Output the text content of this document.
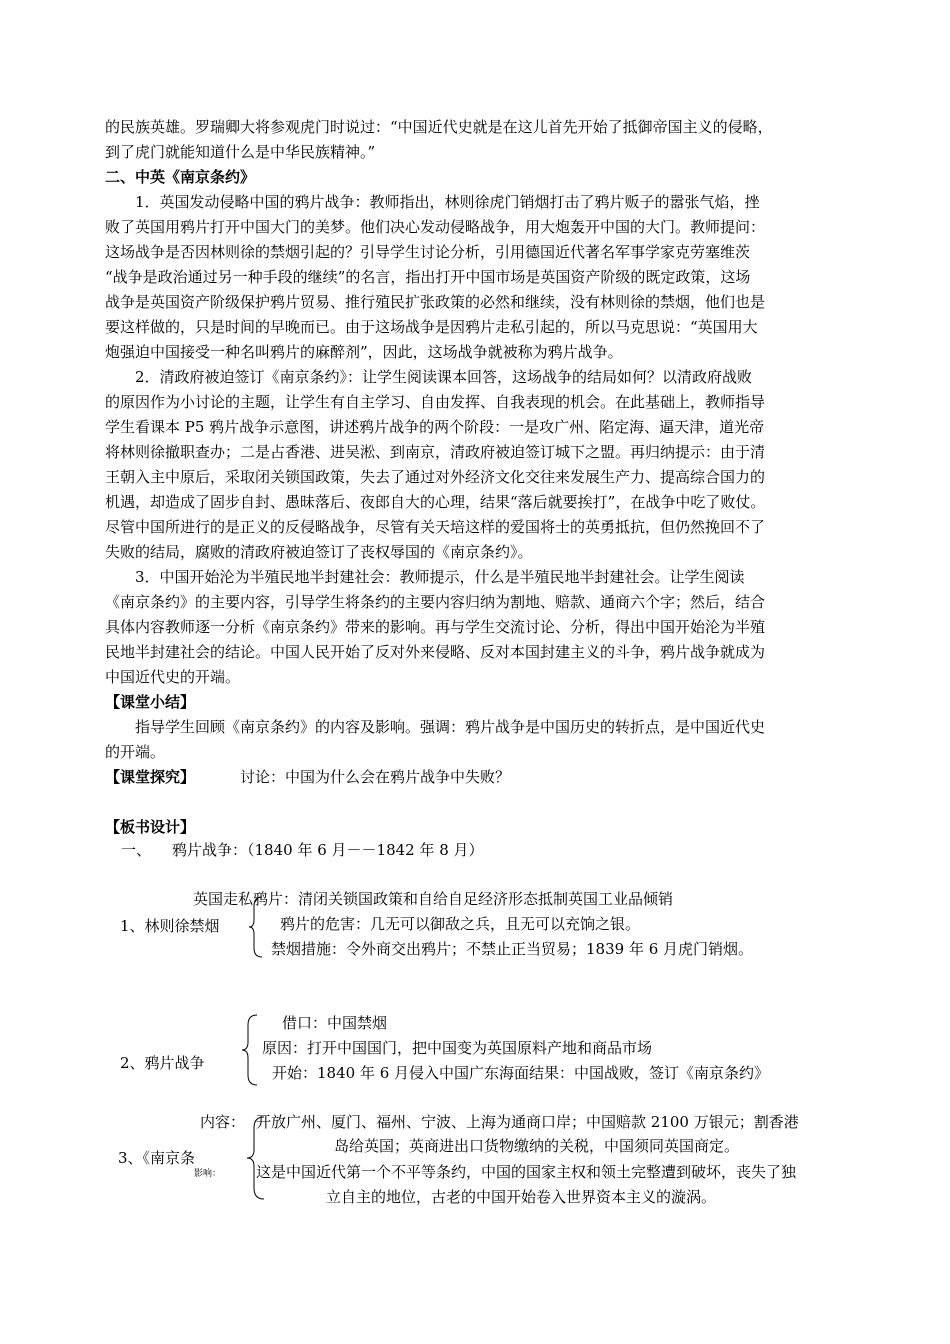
的民族英雄。罗瑞卿大将参观虎门时说过：“中国近代史就是在这儿首先开始了抵御帝国主义的侵略，
到了虎门就能知道什么是中华民族精神。”
二、中英《南京条约》
1．英国发动侵略中国的鸦片战争：教师指出，林则徐虎门销烟打击了鸦片贩子的嚣张气焰，挫
败了英国用鸦片打开中国大门的美梦。他们决心发动侵略战争，用大炮轰开中国的大门。教师提问：
这场战争是否因林则徐的禁烟引起的？引导学生讨论分析，引用德国近代著名军事学家克劳塞维茨
“战争是政治通过另一种手段的继续”的名言，指出打开中国市场是英国资产阶级的既定政策，这场
战争是英国资产阶级保护鸦片贸易、推行殖民扩张政策的必然和继续，没有林则徐的禁烟，他们也是
要这样做的，只是时间的早晚而已。由于这场战争是因鸦片走私引起的，所以马克思说：“英国用大
炮强迫中国接受一种名叫鸦片的麻醉剂”，因此，这场战争就被称为鸦片战争。
2．清政府被迫签订《南京条约》：让学生阅读课本回答，这场战争的结局如何？以清政府战败
的原因作为小讨论的主题，让学生有自主学习、自由发挥、自我表现的机会。在此基础上，教师指导
学生看课本 P5 鸦片战争示意图，讲述鸦片战争的两个阶段：一是攻广州、陷定海、逼天津，道光帝
将林则徐撤职查办；二是占香港、进吴淞、到南京，清政府被迫签订城下之盟。再归纳提示：由于清
王朝入主中原后，采取闭关锁国政策，失去了通过对外经济文化交往来发展生产力、提高综合国力的
机遇，却造成了固步自封、愚昧落后、夜郎自大的心理，结果“落后就要挨打”，在战争中吃了败仗。
尽管中国所进行的是正义的反侵略战争，尽管有关天培这样的爱国将士的英勇抵抗，但仍然挽回不了
失败的结局，腐败的清政府被迫签订了丧权辱国的《南京条约》。
3．中国开始沦为半殖民地半封建社会：教师提示，什么是半殖民地半封建社会。让学生阅读
《南京条约》的主要内容，引导学生将条约的主要内容归纳为割地、赔款、通商六个字；然后，结合
具体内容教师逐一分析《南京条约》带来的影响。再与学生交流讨论、分析，得出中国开始沦为半殖
民地半封建社会的结论。中国人民开始了反对外来侵略、反对本国封建主义的斗争，鸦片战争就成为
中国近代史的开端。
【课堂小结】
指导学生回顾《南京条约》的内容及影响。强调：鸦片战争是中国历史的转折点，是中国近代史
的开端。
【课堂探究】	讨论：中国为什么会在鸦片战争中失败？
【板书设计】
一、 鸦片战争：（1840 年 6 月－－1842 年 8 月）
1、林则徐禁烟
英国走私鸦片：清闭关锁国政策和自给自足经济形态抵制英国工业品倾销
鸦片的危害：几无可以御敌之兵，且无可以充饷之银。
禁烟措施：令外商交出鸦片；不禁止正当贸易；1839 年 6 月虎门销烟。
2、鸦片战争
借口：中国禁烟
原因：打开中国国门，把中国变为英国原料产地和商品市场
开始：1840 年 6 月侵入中国广东海面结果：中国战败，签订《南京条约》
3、《南京条
内容： 开放广州、厦门、福州、宁波、上海为通商口岸；中国赔款 2100 万银元；割香港
岛给英国；英商进出口货物缴纳的关税，中国须同英国商定。
影响： 这是中国近代第一个不平等条约，中国的国家主权和领土完整遭到破坏，丧失了独
立自主的地位，古老的中国开始卷入世界资本主义的漩涡。
